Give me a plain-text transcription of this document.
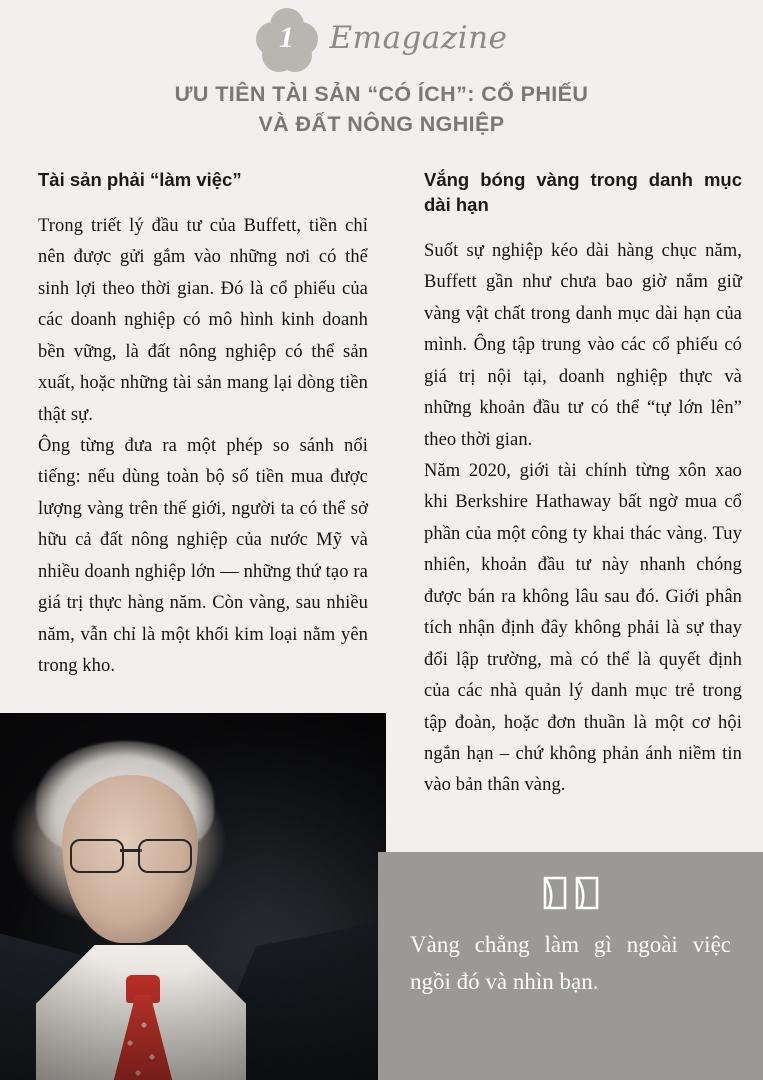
1	Emagazine
ƯU TIÊN TÀI SẢN “CÓ ÍCH”: CỔ PHIẾU
VÀ ĐẤT NÔNG NGHIỆP
Tài sản phải “làm việc”

Trong triết lý đầu tư của Buffett, tiền chỉ nên được gửi gắm vào những nơi có thể sinh lợi theo thời gian. Đó là cổ phiếu của các doanh nghiệp có mô hình kinh doanh bền vững, là đất nông nghiệp có thể sản xuất, hoặc những tài sản mang lại dòng tiền thật sự.

Ông từng đưa ra một phép so sánh nổi tiếng: nếu dùng toàn bộ số tiền mua được lượng vàng trên thế giới, người ta có thể sở hữu cả đất nông nghiệp của nước Mỹ và nhiều doanh nghiệp lớn — những thứ tạo ra giá trị thực hàng năm. Còn vàng, sau nhiều năm, vẫn chỉ là một khối kim loại nằm yên trong kho.

Vắng bóng vàng trong danh mục dài hạn

Suốt sự nghiệp kéo dài hàng chục năm, Buffett gần như chưa bao giờ nắm giữ vàng vật chất trong danh mục dài hạn của mình. Ông tập trung vào các cổ phiếu có giá trị nội tại, doanh nghiệp thực và những khoản đầu tư có thể “tự lớn lên” theo thời gian.

Năm 2020, giới tài chính từng xôn xao khi Berkshire Hathaway bất ngờ mua cổ phần của một công ty khai thác vàng. Tuy nhiên, khoản đầu tư này nhanh chóng được bán ra không lâu sau đó. Giới phân tích nhận định đây không phải là sự thay đổi lập trường, mà có thể là quyết định của các nhà quản lý danh mục trẻ trong tập đoàn, hoặc đơn thuần là một cơ hội ngắn hạn – chứ không phản ánh niềm tin vào bản thân vàng.

Vàng chẳng làm gì ngoài việc ngồi đó và nhìn bạn.
